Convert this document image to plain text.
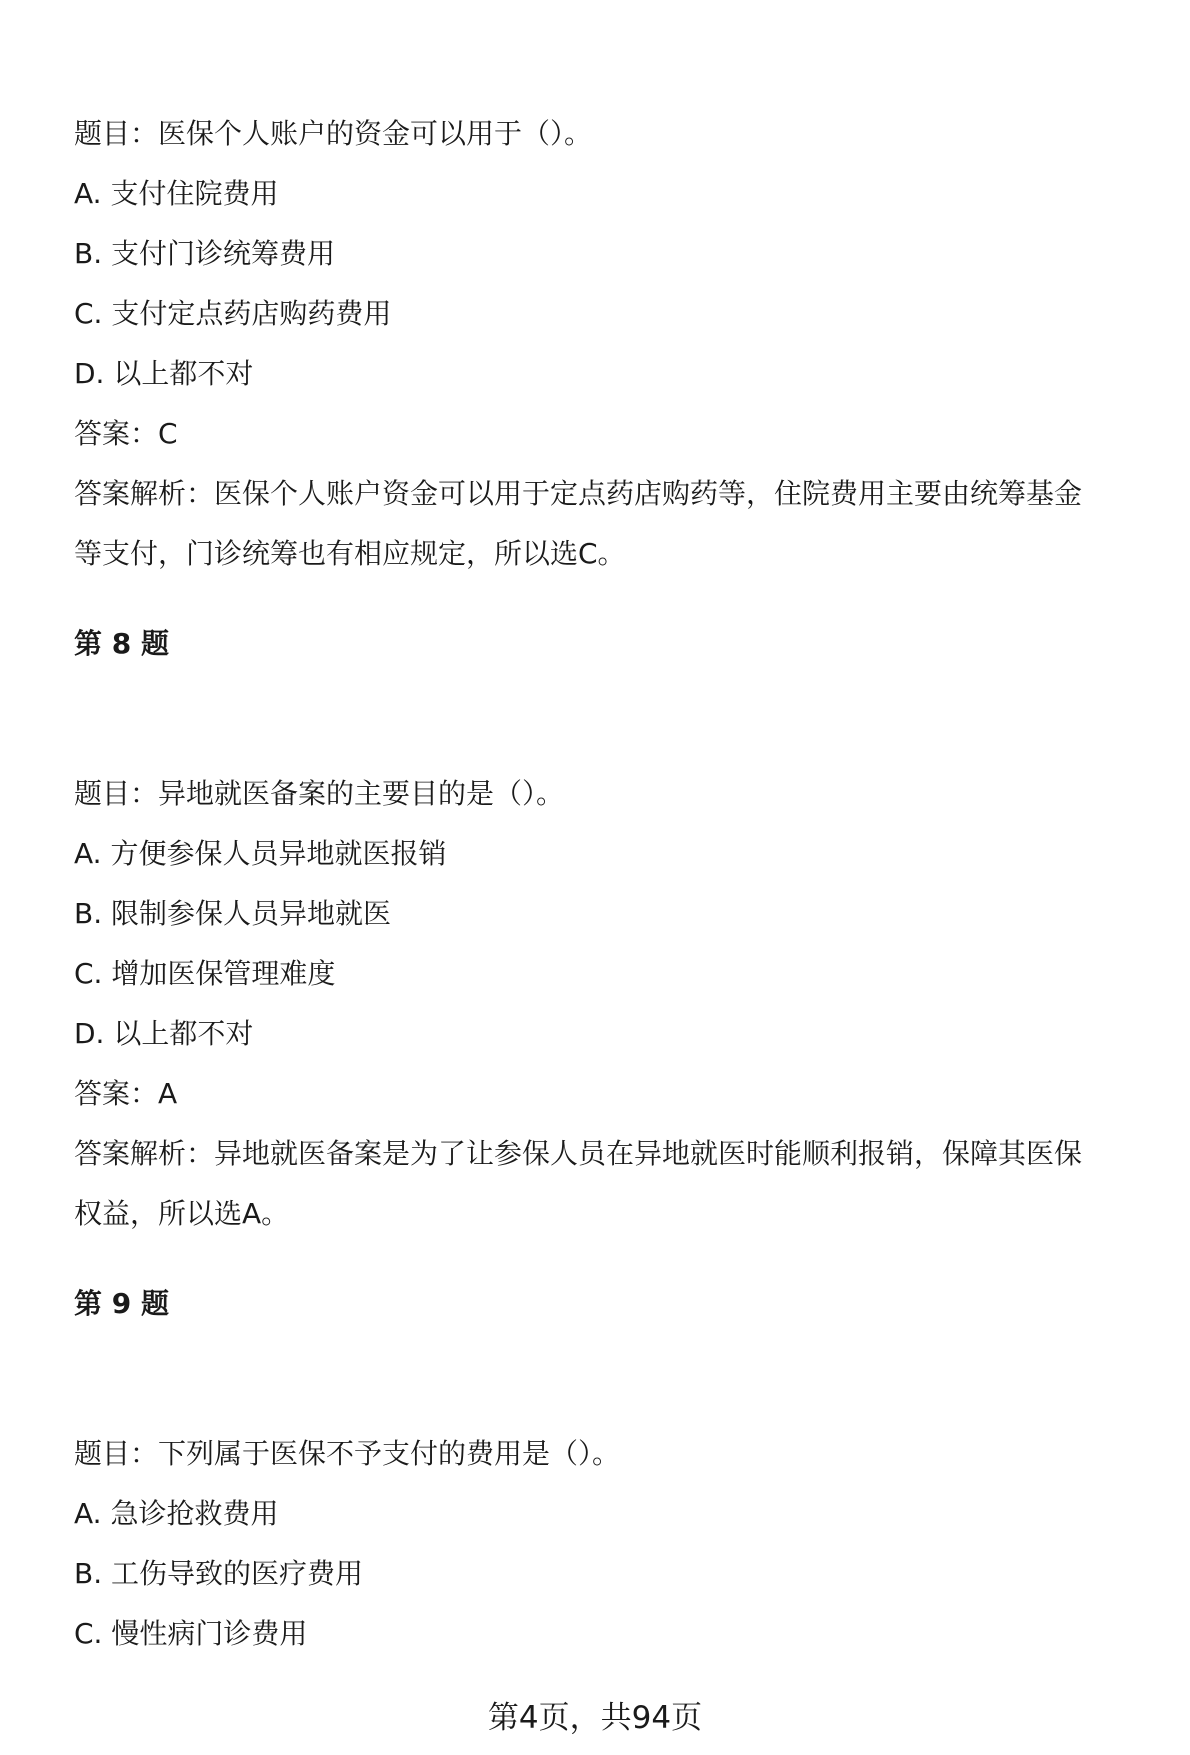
题目：医保个人账户的资金可以用于（）。
A. 支付住院费用
B. 支付门诊统筹费用
C. 支付定点药店购药费用
D. 以上都不对
答案：C
答案解析：医保个人账户资金可以用于定点药店购药等，住院费用主要由统筹基金
等支付，门诊统筹也有相应规定，所以选C。
第 8 题
题目：异地就医备案的主要目的是（）。
A. 方便参保人员异地就医报销
B. 限制参保人员异地就医
C. 增加医保管理难度
D. 以上都不对
答案：A
答案解析：异地就医备案是为了让参保人员在异地就医时能顺利报销，保障其医保
权益，所以选A。
第 9 题
题目：下列属于医保不予支付的费用是（）。
A. 急诊抢救费用
B. 工伤导致的医疗费用
C. 慢性病门诊费用
第4页，共94页
